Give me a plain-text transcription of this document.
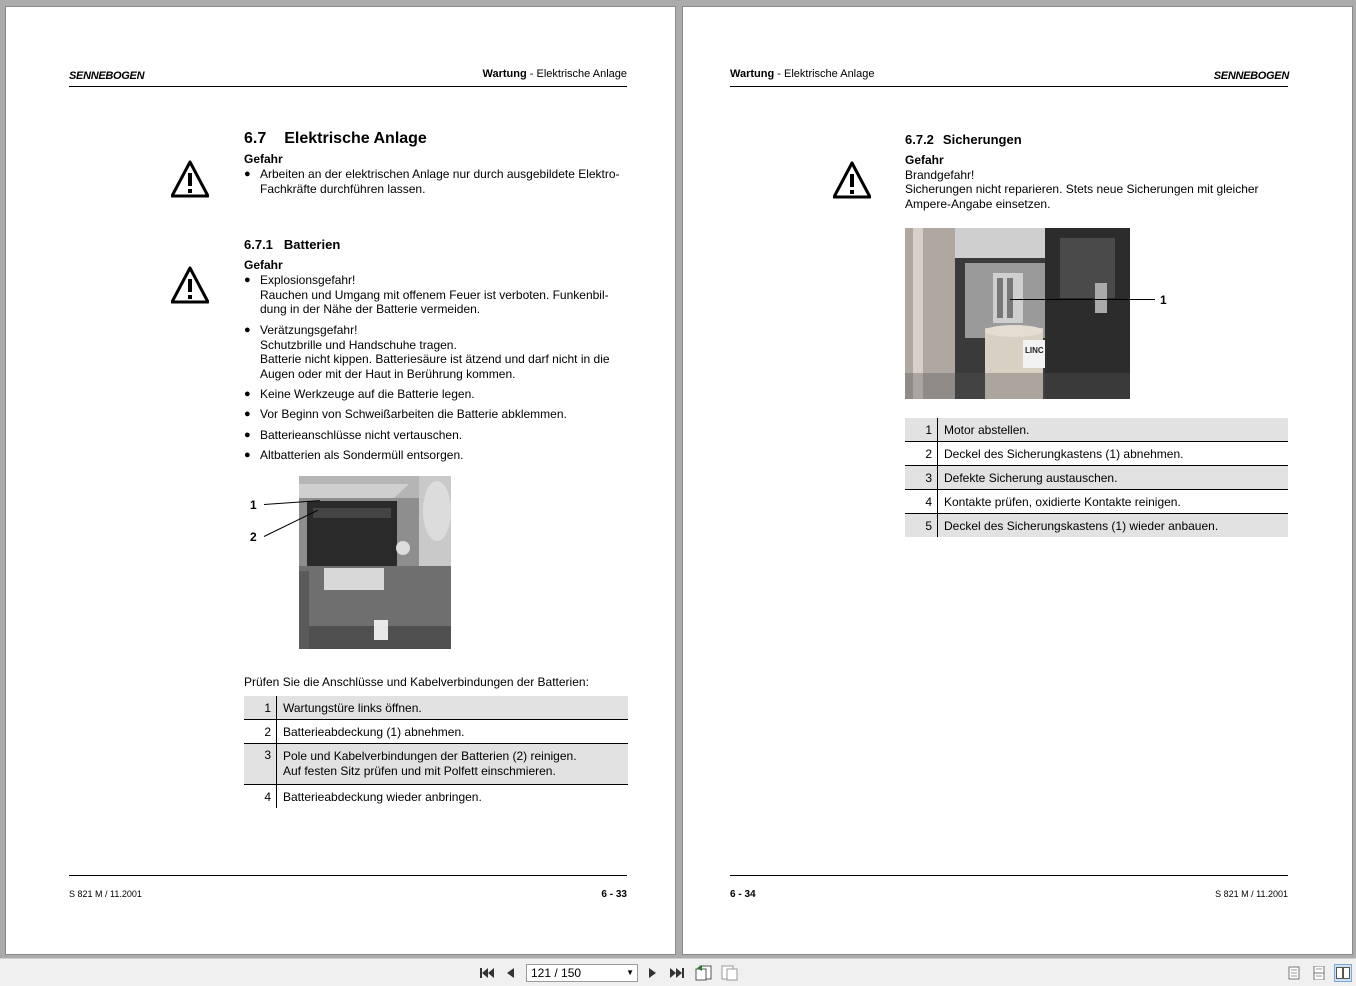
SENNEBOGEN	Wartung - Elektrische Anlage
6.7 Elektrische Anlage
Gefahr
● Arbeiten an der elektrischen Anlage nur durch ausgebildete Elektro-
Fachkräfte durchführen lassen.
6.7.1 Batterien
Gefahr
● Explosionsgefahr!
Rauchen und Umgang mit offenem Feuer ist verboten. Funkenbil-
dung in der Nähe der Batterie vermeiden.
● Verätzungsgefahr!
Schutzbrille und Handschuhe tragen.
Batterie nicht kippen. Batteriesäure ist ätzend und darf nicht in die
Augen oder mit der Haut in Berührung kommen.
● Keine Werkzeuge auf die Batterie legen.
● Vor Beginn von Schweißarbeiten die Batterie abklemmen.
● Batterieanschlüsse nicht vertauschen.
● Altbatterien als Sondermüll entsorgen.
1
2
Prüfen Sie die Anschlüsse und Kabelverbindungen der Batterien:
1	Wartungstüre links öffnen.
2	Batterieabdeckung (1) abnehmen.
3	Pole und Kabelverbindungen der Batterien (2) reinigen.
Auf festen Sitz prüfen und mit Polfett einschmieren.

4	Batterieabdeckung wieder anbringen.
S 821 M / 11.2001	6 - 33
Wartung - Elektrische Anlage	SENNEBOGEN
6.7.2 Sicherungen
Gefahr
Brandgefahr!
Sicherungen nicht reparieren. Stets neue Sicherungen mit gleicher
Ampere-Angabe einsetzen.
LINC
1
1	Motor abstellen.
2	Deckel des Sicherungkastens (1) abnehmen.
3	Defekte Sicherung austauschen.
4	Kontakte prüfen, oxidierte Kontakte reinigen.
5	Deckel des Sicherungskastens (1) wieder anbauen.
6 - 34	S 821 M / 11.2001
121 / 150	▼
